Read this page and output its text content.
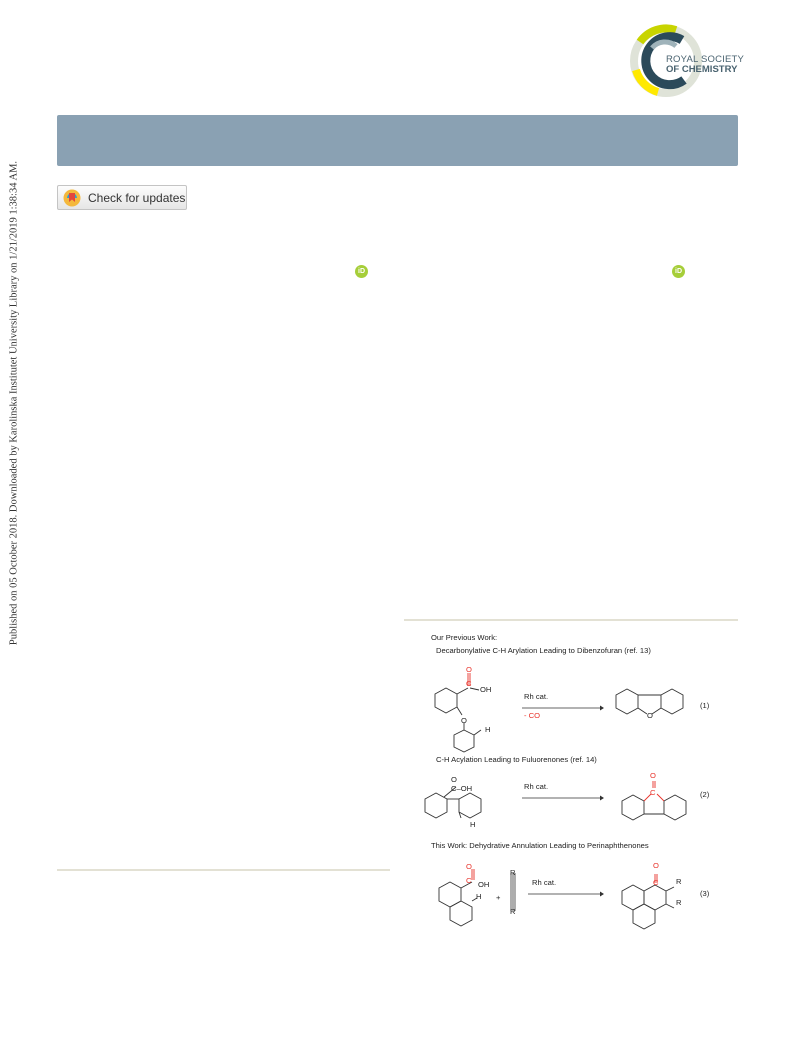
Published on 05 October 2018. Downloaded by Karolinska Institutet University Library on 1/21/2019 1:38:34 AM.
ROYAL SOCIETY
OF CHEMISTRY
Check for updates
iD	iD
Our Previous Work:
Decarbonylative C-H Arylation Leading to Dibenzofuran (ref. 13)
O
C
OH
O
H
Rh cat.
- CO	O
(1)
C-H Acylation Leading to Fuluorenones (ref. 14)
O
C–OH
H
Rh cat.
O
C	(2)
This Work: Dehydrative Annulation Leading to Perinaphthenones
O
C OH
H +
R
R
Rh cat.
O
C R
R
(3)
